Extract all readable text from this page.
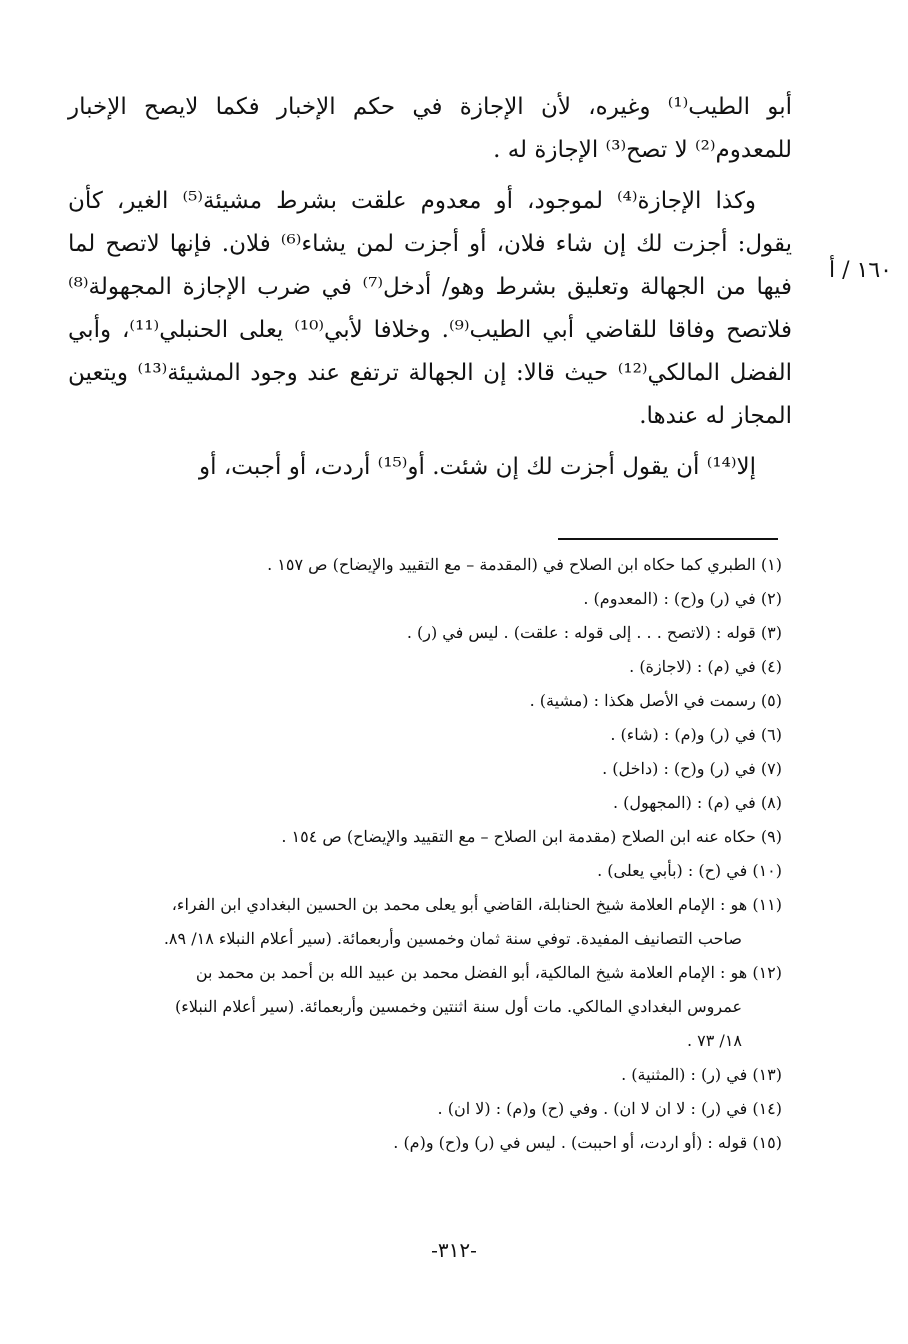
١٦٠ / أ

أبو الطيب⁽¹⁾ وغيره، لأن الإجازة في حكم الإخبار فكما لايصح الإخبار للمعدوم⁽²⁾ لا تصح⁽³⁾ الإجازة له .

وكذا الإجازة⁽⁴⁾ لموجود، أو معدوم علقت بشرط مشيئة⁽⁵⁾ الغير، كأن يقول: أجزت لك إن شاء فلان، أو أجزت لمن يشاء⁽⁶⁾ فلان. فإنها لاتصح لما فيها من الجهالة وتعليق بشرط وهو/ أدخل⁽⁷⁾ في ضرب الإجازة المجهولة⁽⁸⁾ فلاتصح وفاقا للقاضي أبي الطيب⁽⁹⁾. وخلافا لأبي⁽¹⁰⁾ يعلى الحنبلي⁽¹¹⁾، وأبي الفضل المالكي⁽¹²⁾ حيث قالا: إن الجهالة ترتفع عند وجود المشيئة⁽¹³⁾ ويتعين المجاز له عندها.

إلا⁽¹⁴⁾ أن يقول أجزت لك إن شئت. أو⁽¹⁵⁾ أردت، أو أجبت، أو

(١) الطبري كما حكاه ابن الصلاح في (المقدمة – مع التقييد والإيضاح) ص ١٥٧ .

(٢) في (ر) و(ح) : (المعدوم) .

(٣) قوله : (لاتصح . . . إلى قوله : علقت) . ليس في (ر) .

(٤) في (م) : (لاجازة) .

(٥) رسمت في الأصل هكذا : (مشية) .

(٦) في (ر) و(م) : (شاء) .

(٧) في (ر) و(ح) : (داخل) .

(٨) في (م) : (المجهول) .

(٩) حكاه عنه ابن الصلاح (مقدمة ابن الصلاح – مع التقييد والإيضاح) ص ١٥٤ .

(١٠) في (ح) : (بأبي يعلى) .

(١١) هو : الإمام العلامة شيخ الحنابلة، القاضي أبو يعلى محمد بن الحسين البغدادي ابن الفراء،

صاحب التصانيف المفيدة. توفي سنة ثمان وخمسين وأربعمائة. (سير أعلام النبلاء ١٨/ ٨٩.

(١٢) هو : الإمام العلامة شيخ المالكية، أبو الفضل محمد بن عبيد الله بن أحمد بن محمد بن

عمروس البغدادي المالكي. مات أول سنة اثنتين وخمسين وأربعمائة. (سير أعلام النبلاء)

١٨/ ٧٣ .

(١٣) في (ر) : (المثنية) .

(١٤) في (ر) : لا ان لا ان) . وفي (ح) و(م) : (لا ان) .

(١٥) قوله : (أو اردت، أو احببت) . ليس في (ر) و(ح) و(م) .

-٣١٢-
